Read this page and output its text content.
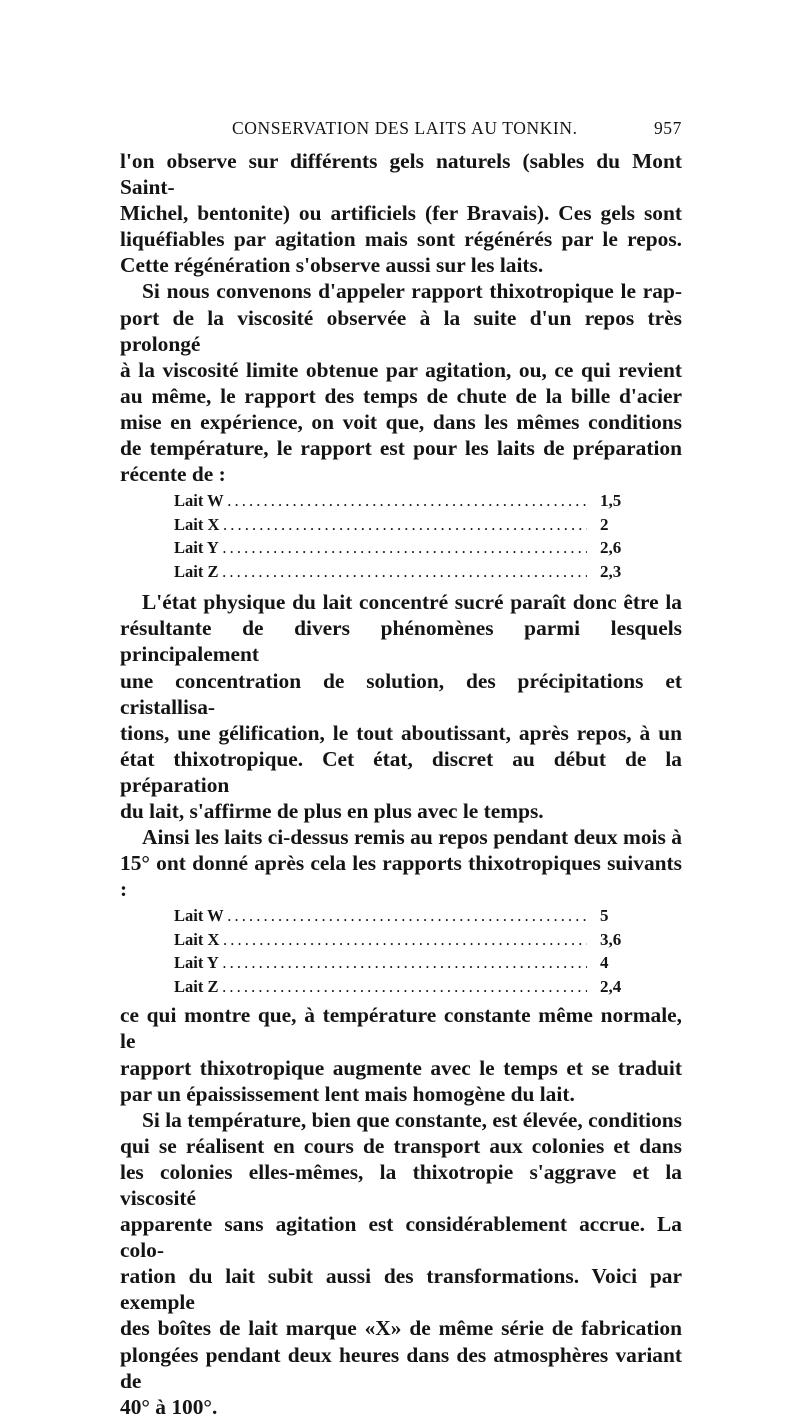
CONSERVATION DES LAITS AU TONKIN.	957

l'on observe sur différents gels naturels (sables du Mont Saint-

Michel, bentonite) ou artificiels (fer Bravais). Ces gels sont

liquéfiables par agitation mais sont régénérés par le repos.

Cette régénération s'observe aussi sur les laits.

Si nous convenons d'appeler rapport thixotropique le rap-

port de la viscosité observée à la suite d'un repos très prolongé

à la viscosité limite obtenue par agitation, ou, ce qui revient

au même, le rapport des temps de chute de la bille d'acier

mise en expérience, on voit que, dans les mêmes conditions

de température, le rapport est pour les laits de préparation

récente de :

Lait W . . .	1,5
Lait X . . .	2
Lait Y . . .	2,6
Lait Z . . .	2,3

L'état physique du lait concentré sucré paraît donc être la

résultante de divers phénomènes parmi lesquels principalement

une concentration de solution, des précipitations et cristallisa-

tions, une gélification, le tout aboutissant, après repos, à un

état thixotropique. Cet état, discret au début de la préparation

du lait, s'affirme de plus en plus avec le temps.

Ainsi les laits ci-dessus remis au repos pendant deux mois à

15° ont donné après cela les rapports thixotropiques suivants :

Lait W . . .	5
Lait X . . .	3,6
Lait Y . . .	4
Lait Z . . .	2,4

ce qui montre que, à température constante même normale, le

rapport thixotropique augmente avec le temps et se traduit

par un épaississement lent mais homogène du lait.

Si la température, bien que constante, est élevée, conditions

qui se réalisent en cours de transport aux colonies et dans

les colonies elles-mêmes, la thixotropie s'aggrave et la viscosité

apparente sans agitation est considérablement accrue. La colo-

ration du lait subit aussi des transformations. Voici par exemple

des boîtes de lait marque «X» de même série de fabrication

plongées pendant deux heures dans des atmosphères variant de

40° à 100°.
